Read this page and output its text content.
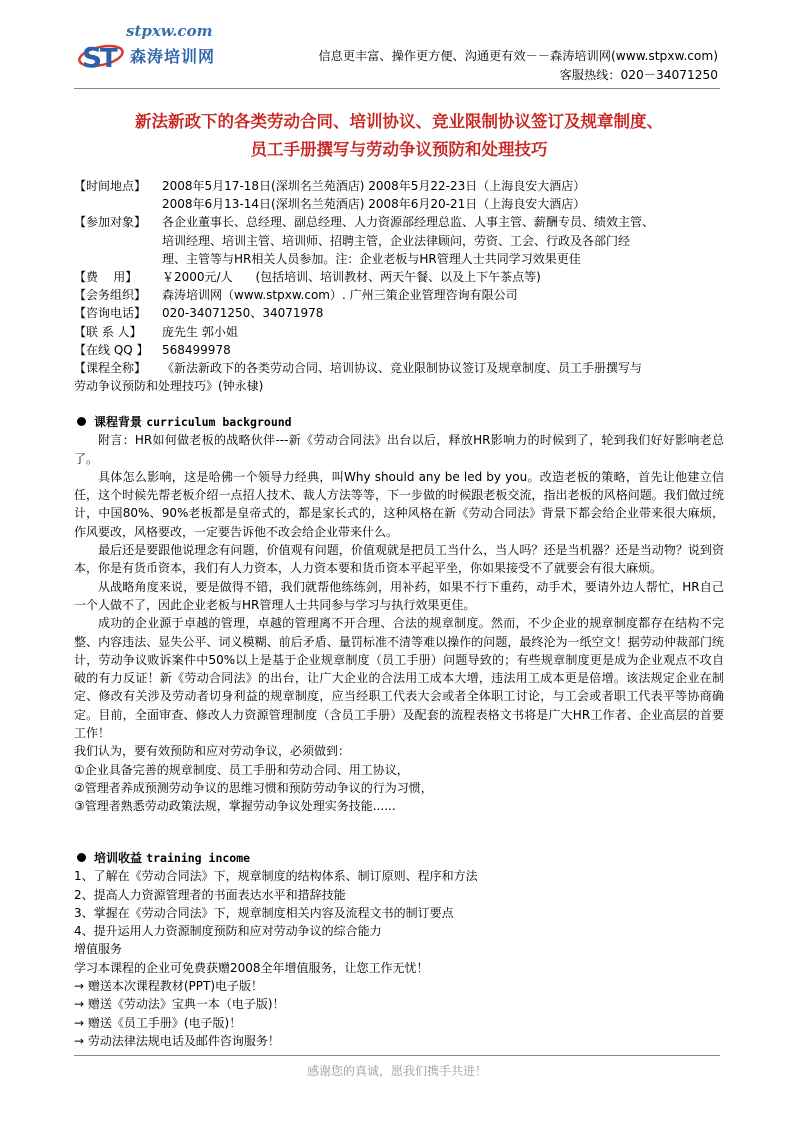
stpxw.com
S
T 森涛培训网	信息更丰富、操作更方便、沟通更有效－－森涛培训网(www.stpxw.com)
客服热线：020－34071250
新法新政下的各类劳动合同、培训协议、竞业限制协议签订及规章制度、
员工手册撰写与劳动争议预防和处理技巧
【时间地点】	2008年5月17-18日(深圳名兰苑酒店) 2008年5月22-23日（上海良安大酒店）
2008年6月13-14日(深圳名兰苑酒店) 2008年6月20-21日（上海良安大酒店）
【参加对象】	各企业董事长、总经理、副总经理、人力资源部经理总监、人事主管、薪酬专员、绩效主管、
培训经理、培训主管、培训师、招聘主管，企业法律顾问，劳资、工会、行政及各部门经
理、主管等与HR相关人员参加。注：企业老板与HR管理人士共同学习效果更佳
【费    用】	￥2000元/人      (包括培训、培训教材、两天午餐、以及上下午茶点等)
【会务组织】	森涛培训网（www.stpxw.com）. 广州三策企业管理咨询有限公司
【咨询电话】	020-34071250、34071978
【联 系 人】	庞先生 郭小姐
【在线 QQ 】	568499978
【课程全称】	《新法新政下的各类劳动合同、培训协议、竞业限制协议签订及规章制度、员工手册撰写与
劳动争议预防和处理技巧》(钟永棣)
课程背景 curriculum background
附言：HR如何做老板的战略伙伴---新《劳动合同法》出台以后，释放HR影响力的时候到了，轮到我们好好影响老总了。
具体怎么影响，这是哈佛一个领导力经典，叫Why should any be led by you。改造老板的策略，首先让他建立信任，这个时候先帮老板介绍一点招人技术、裁人方法等等，下一步做的时候跟老板交流，指出老板的风格问题。我们做过统计，中国80%、90%老板都是皇帝式的，都是家长式的，这种风格在新《劳动合同法》背景下都会给企业带来很大麻烦，作风要改，风格要改，一定要告诉他不改会给企业带来什么。
最后还是要跟他说理念有问题，价值观有问题，价值观就是把员工当什么，当人吗？还是当机器？还是当动物？说到资本，你是有货币资本，我们有人力资本，人力资本要和货币资本平起平坐，你如果接受不了就要会有很大麻烦。
从战略角度来说，要是做得不错，我们就帮他练练剑，用补药，如果不行下重药，动手术，要请外边人帮忙，HR自己一个人做不了，因此企业老板与HR管理人士共同参与学习与执行效果更佳。
成功的企业源于卓越的管理，卓越的管理离不开合理、合法的规章制度。然而，不少企业的规章制度都存在结构不完整、内容违法、显失公平、词义模糊、前后矛盾、量罚标准不清等难以操作的问题，最终沦为一纸空文！据劳动仲裁部门统计，劳动争议败诉案件中50%以上是基于企业规章制度（员工手册）问题导致的；有些规章制度更是成为企业观点不攻自破的有力反证！新《劳动合同法》的出台，让广大企业的合法用工成本大增，违法用工成本更是倍增。该法规定企业在制定、修改有关涉及劳动者切身利益的规章制度，应当经职工代表大会或者全体职工讨论，与工会或者职工代表平等协商确定。目前，全面审查、修改人力资源管理制度（含员工手册）及配套的流程表格文书将是广大HR工作者、企业高层的首要工作！
我们认为，要有效预防和应对劳动争议，必须做到：
①企业具备完善的规章制度、员工手册和劳动合同、用工协议，
②管理者养成预测劳动争议的思维习惯和预防劳动争议的行为习惯，
③管理者熟悉劳动政策法规，掌握劳动争议处理实务技能......
培训收益 training income
1、了解在《劳动合同法》下，规章制度的结构体系、制订原则、程序和方法
2、提高人力资源管理者的书面表达水平和措辞技能
3、掌握在《劳动合同法》下，规章制度相关内容及流程文书的制订要点
4、提升运用人力资源制度预防和应对劳动争议的综合能力
增值服务
学习本课程的企业可免费获赠2008全年增值服务，让您工作无忧！
→ 赠送本次课程教材(PPT)电子版！
→ 赠送《劳动法》宝典一本（电子版)！
→ 赠送《员工手册》(电子版)！
→ 劳动法律法规电话及邮件咨询服务！
感谢您的真诚，愿我们携手共进！
